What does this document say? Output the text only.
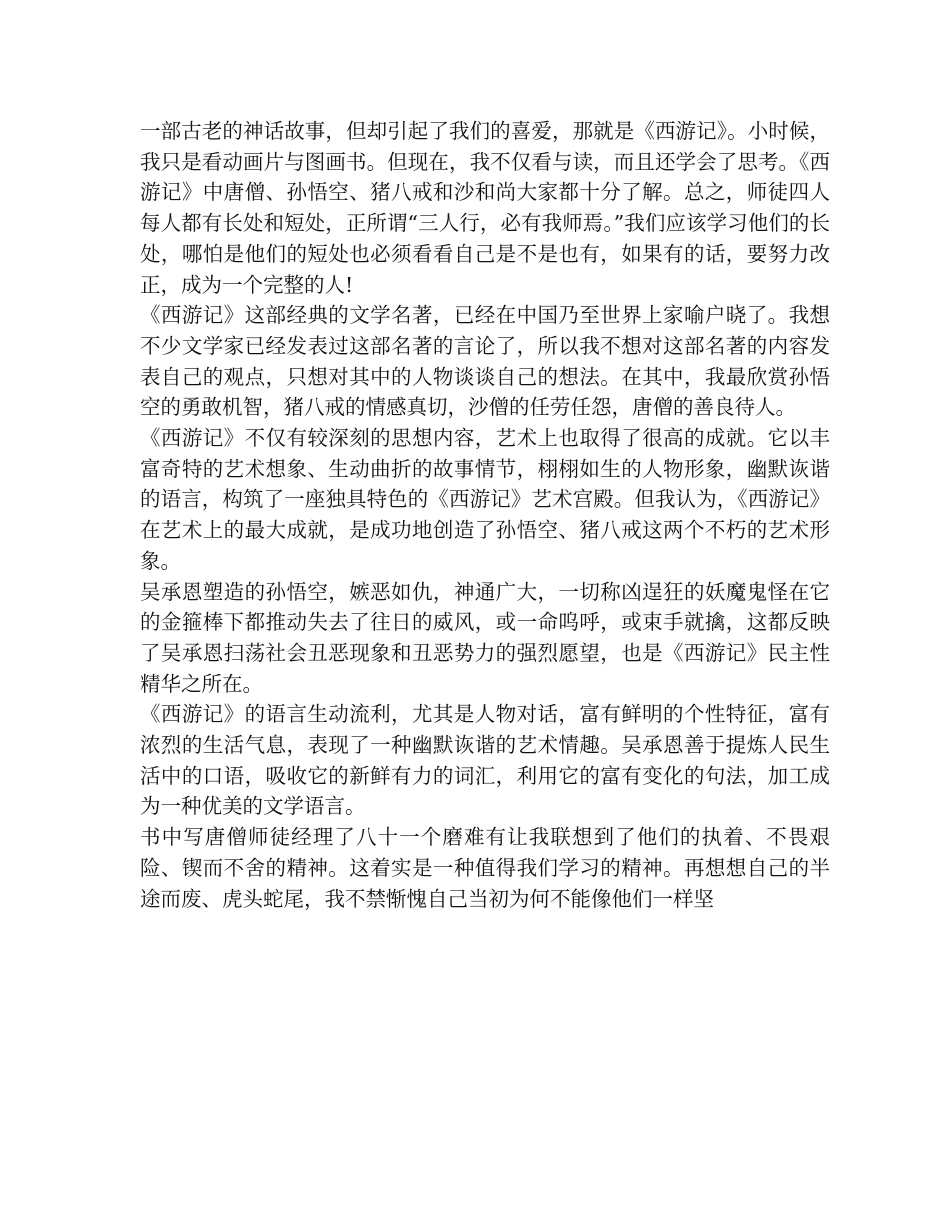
一部古老的神话故事，但却引起了我们的喜爱，那就是《西游记》。小时候，我只是看动画片与图画书。但现在，我不仅看与读，而且还学会了思考。《西游记》中唐僧、孙悟空、猪八戒和沙和尚大家都十分了解。总之，师徒四人每人都有长处和短处，正所谓“三人行，必有我师焉。”我们应该学习他们的长处，哪怕是他们的短处也必须看看自己是不是也有，如果有的话，要努力改正，成为一个完整的人!

《西游记》这部经典的文学名著，已经在中国乃至世界上家喻户晓了。我想不少文学家已经发表过这部名著的言论了，所以我不想对这部名著的内容发表自己的观点，只想对其中的人物谈谈自己的想法。在其中，我最欣赏孙悟空的勇敢机智，猪八戒的情感真切，沙僧的任劳任怨，唐僧的善良待人。

《西游记》不仅有较深刻的思想内容，艺术上也取得了很高的成就。它以丰富奇特的艺术想象、生动曲折的故事情节，栩栩如生的人物形象，幽默诙谐的语言，构筑了一座独具特色的《西游记》艺术宫殿。但我认为，《西游记》在艺术上的最大成就，是成功地创造了孙悟空、猪八戒这两个不朽的艺术形象。

吴承恩塑造的孙悟空，嫉恶如仇，神通广大，一切称凶逞狂的妖魔鬼怪在它的金箍棒下都推动失去了往日的威风，或一命呜呼，或束手就擒，这都反映了吴承恩扫荡社会丑恶现象和丑恶势力的强烈愿望，也是《西游记》民主性精华之所在。

《西游记》的语言生动流利，尤其是人物对话，富有鲜明的个性特征，富有浓烈的生活气息，表现了一种幽默诙谐的艺术情趣。吴承恩善于提炼人民生活中的口语，吸收它的新鲜有力的词汇，利用它的富有变化的句法，加工成为一种优美的文学语言。

书中写唐僧师徒经理了八十一个磨难有让我联想到了他们的执着、不畏艰险、锲而不舍的精神。这着实是一种值得我们学习的精神。再想想自己的半途而废、虎头蛇尾，我不禁惭愧自己当初为何不能像他们一样坚
